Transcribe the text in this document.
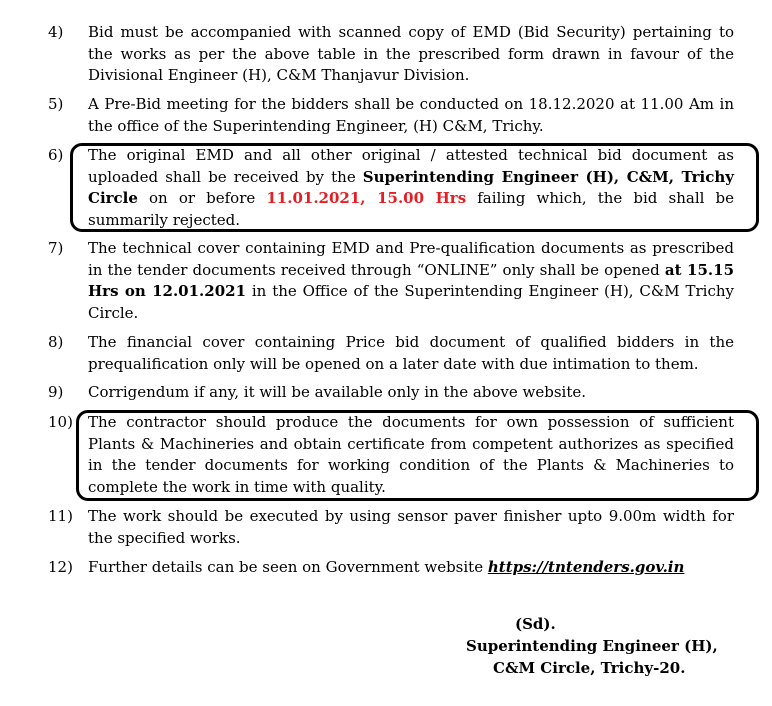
4)	Bid must be accompanied with scanned copy of EMD (Bid Security) pertaining to the works as per the above table in the prescribed form drawn in favour of the Divisional Engineer (H), C&M Thanjavur Division.
5)	A Pre-Bid meeting for the bidders shall be conducted on 18.12.2020 at 11.00 Am in the office of the Superintending Engineer, (H) C&M, Trichy.
6)	The original EMD and all other original / attested technical bid document as uploaded shall be received by the Superintending Engineer (H), C&M, Trichy Circle on or before 11.01.2021, 15.00 Hrs failing which, the bid shall be summarily rejected.
7)	The technical cover containing EMD and Pre-qualification documents as prescribed in the tender documents received through “ONLINE” only shall be opened at 15.15 Hrs on 12.01.2021 in the Office of the Superintending Engineer (H), C&M Trichy Circle.
8)	The financial cover containing Price bid document of qualified bidders in the prequalification only will be opened on a later date with due intimation to them.
9)	Corrigendum if any, it will be available only in the above website.
10)	The contractor should produce the documents for own possession of sufficient Plants & Machineries and obtain certificate from competent authorizes as specified in the tender documents for working condition of the Plants & Machineries to complete the work in time with quality.
11)	The work should be executed by using sensor paver finisher upto 9.00m width for the specified works.
12)	Further details can be seen on Government website https://tntenders.gov.in
(Sd).
Superintending Engineer (H),
C&M Circle, Trichy-20.
